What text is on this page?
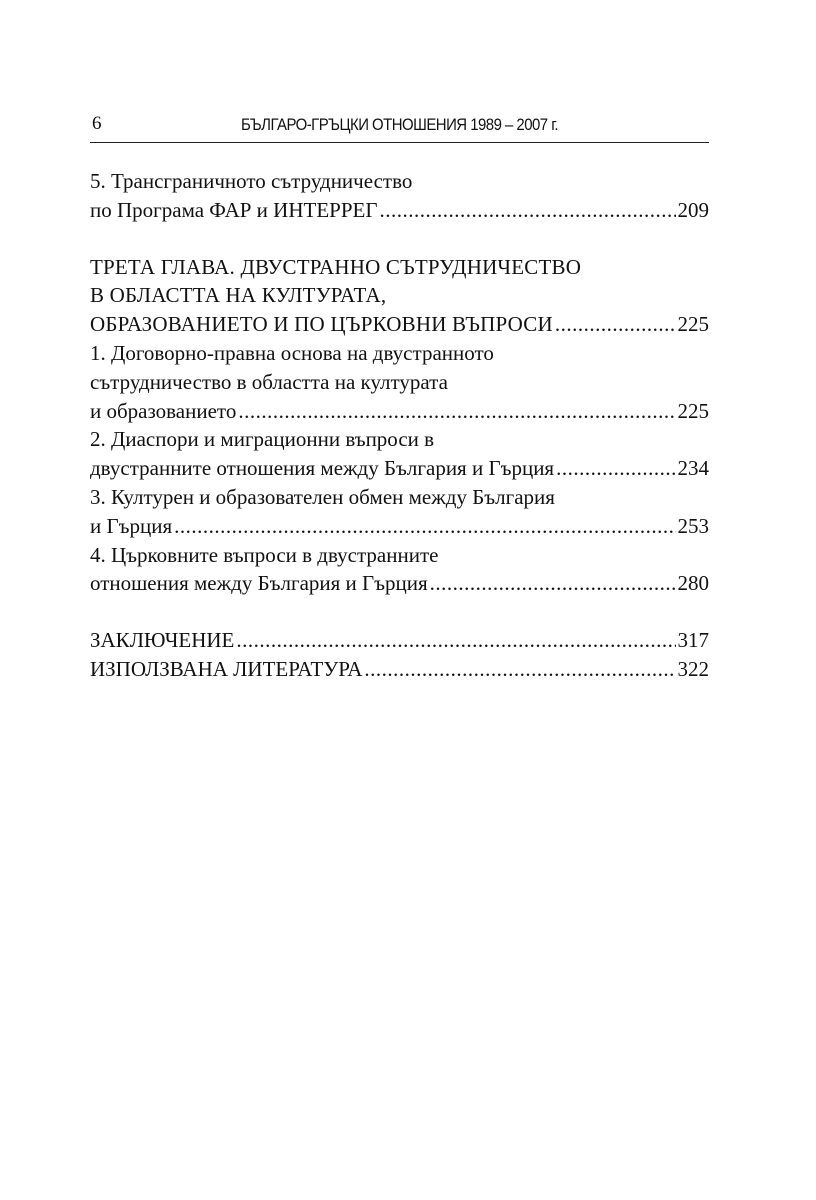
6	БЪЛГАРО-ГРЪЦКИ ОТНОШЕНИЯ 1989 – 2007 г.
5. Трансграничното сътрудничество
по Програма ФАР и ИНТЕРРЕГ .....	209
ТРЕТА ГЛАВА. ДВУСТРАННО СЪТРУДНИЧЕСТВО
В ОБЛАСТТА НА КУЛТУРАТА,
ОБРАЗОВАНИЕТО И ПО ЦЪРКОВНИ ВЪПРОСИ .....	225
1. Договорно-правна основа на двустранното
сътрудничество в областта на културата
и образованието .....	225
2. Диаспори и миграционни въпроси в
двустранните отношения между България и Гърция .....	234
3. Културен и образователен обмен между България
и Гърция .....	253
4. Църковните въпроси в двустранните
отношения между България и Гърция .....	280
ЗАКЛЮЧЕНИЕ .....	317
ИЗПОЛЗВАНА ЛИТЕРАТУРА .....	322
